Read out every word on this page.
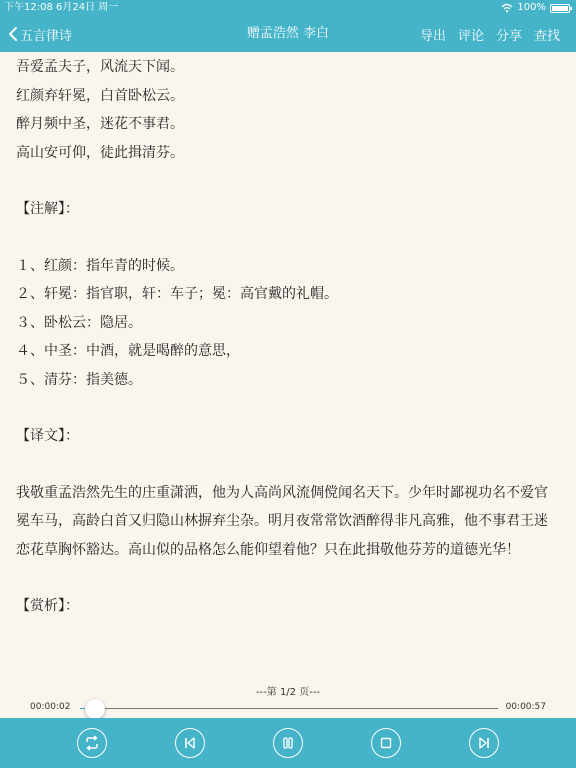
下午12:08 6月24日 周一	100%
五言律诗	赠孟浩然 李白	导出 评论 分享 查找
吾爱孟夫子，风流天下闻。
红颜弃轩冕，白首卧松云。
醉月频中圣，迷花不事君。
高山安可仰，徒此揖清芬。
【注解】：
１、红颜：指年青的时候。
２、轩冕：指官职，轩：车子；冕：高官戴的礼帽。
３、卧松云：隐居。
４、中圣：中酒，就是喝醉的意思，
５、清芬：指美德。
【译文】：
我敬重孟浩然先生的庄重潇洒，他为人高尚风流倜傥闻名天下。少年时鄙视功名不爱官冕车马，高龄白首又归隐山林摒弃尘杂。明月夜常常饮酒醉得非凡高雅，他不事君王迷恋花草胸怀豁达。高山似的品格怎么能仰望着他？只在此揖敬他芬芳的道德光华！
【赏析】：
---第 1/2 页---
00:00:02	00:00:57
